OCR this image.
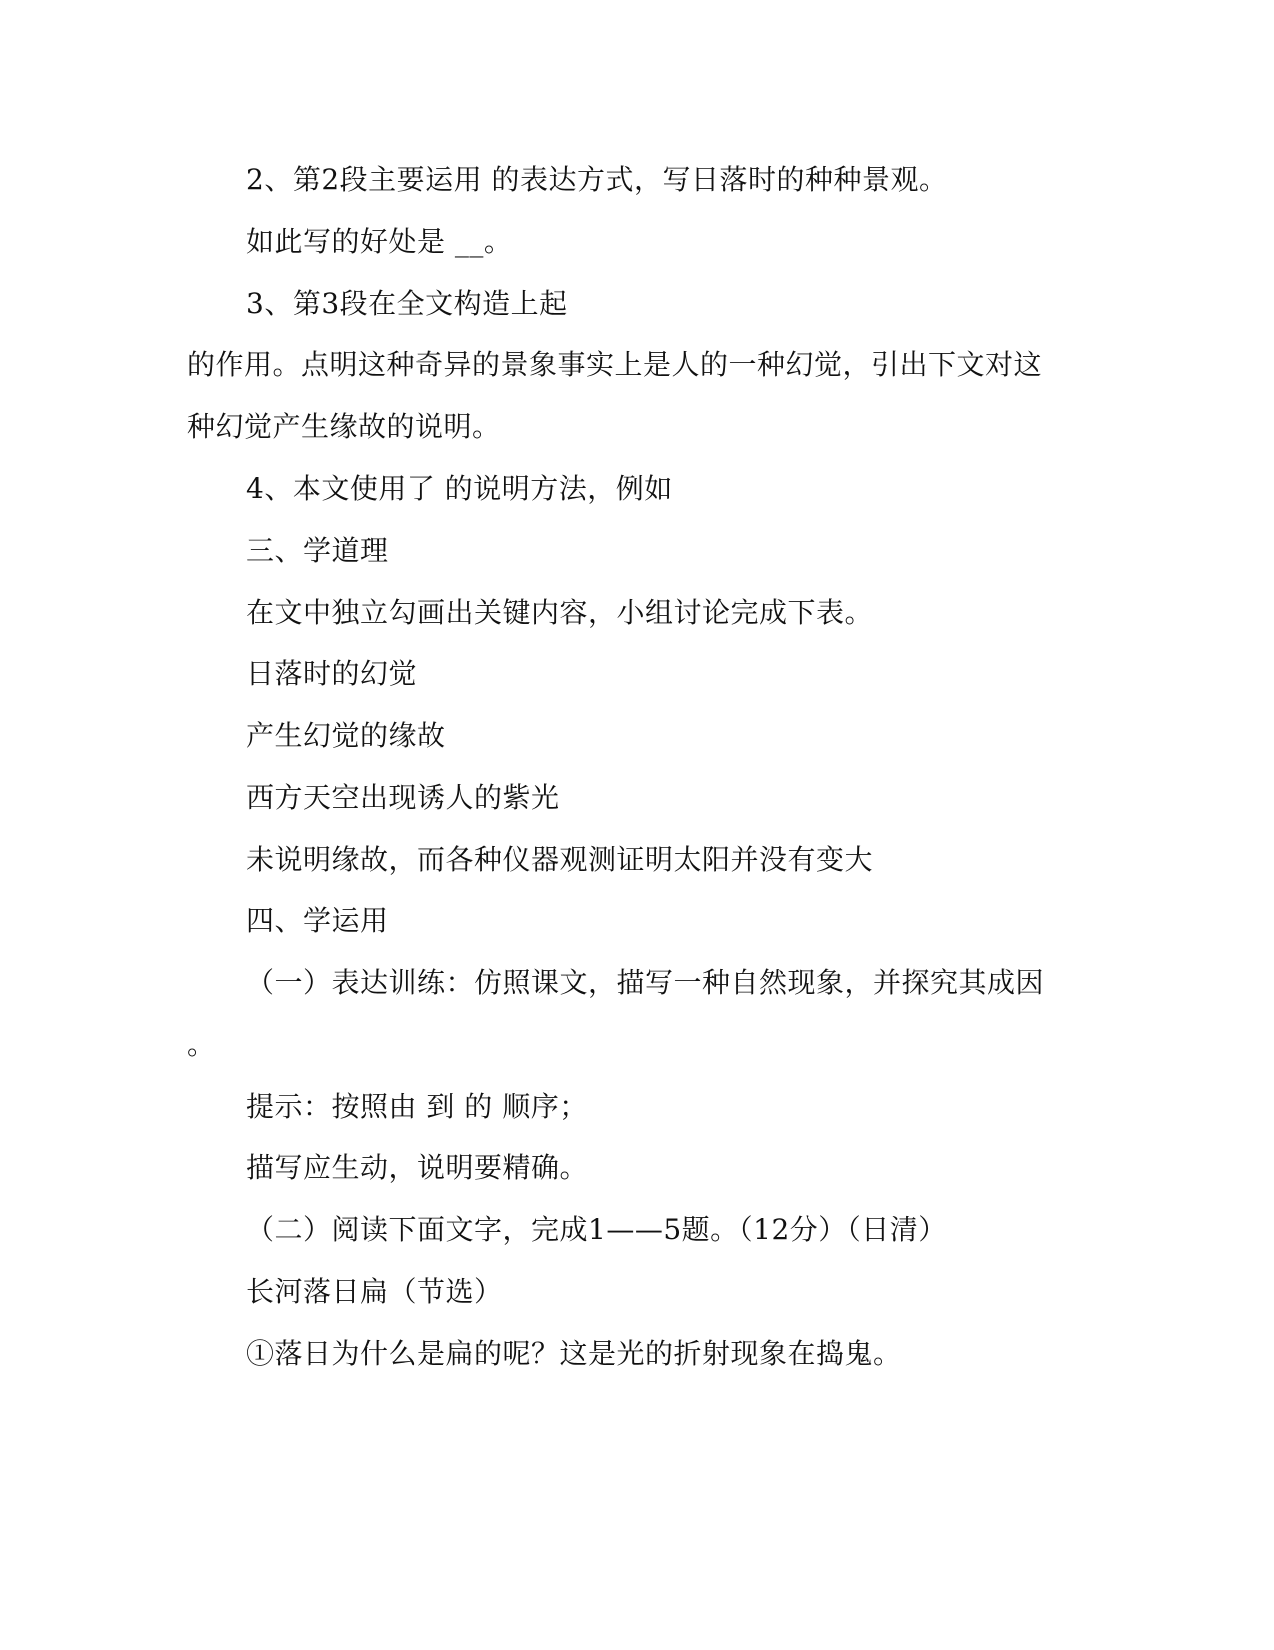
2、第2段主要运用 的表达方式，写日落时的种种景观。
如此写的好处是 __。
3、第3段在全文构造上起
的作用。点明这种奇异的景象事实上是人的一种幻觉，引出下文对这
种幻觉产生缘故的说明。
4、本文使用了 的说明方法，例如
三、学道理
在文中独立勾画出关键内容，小组讨论完成下表。
日落时的幻觉
产生幻觉的缘故
西方天空出现诱人的紫光
未说明缘故，而各种仪器观测证明太阳并没有变大
四、学运用
（一）表达训练：仿照课文，描写一种自然现象，并探究其成因
。
提示：按照由 到 的 顺序；
描写应生动，说明要精确。
（二）阅读下面文字，完成1——5题。（12分）（日清）
长河落日扁（节选）
①落日为什么是扁的呢？这是光的折射现象在捣鬼。
